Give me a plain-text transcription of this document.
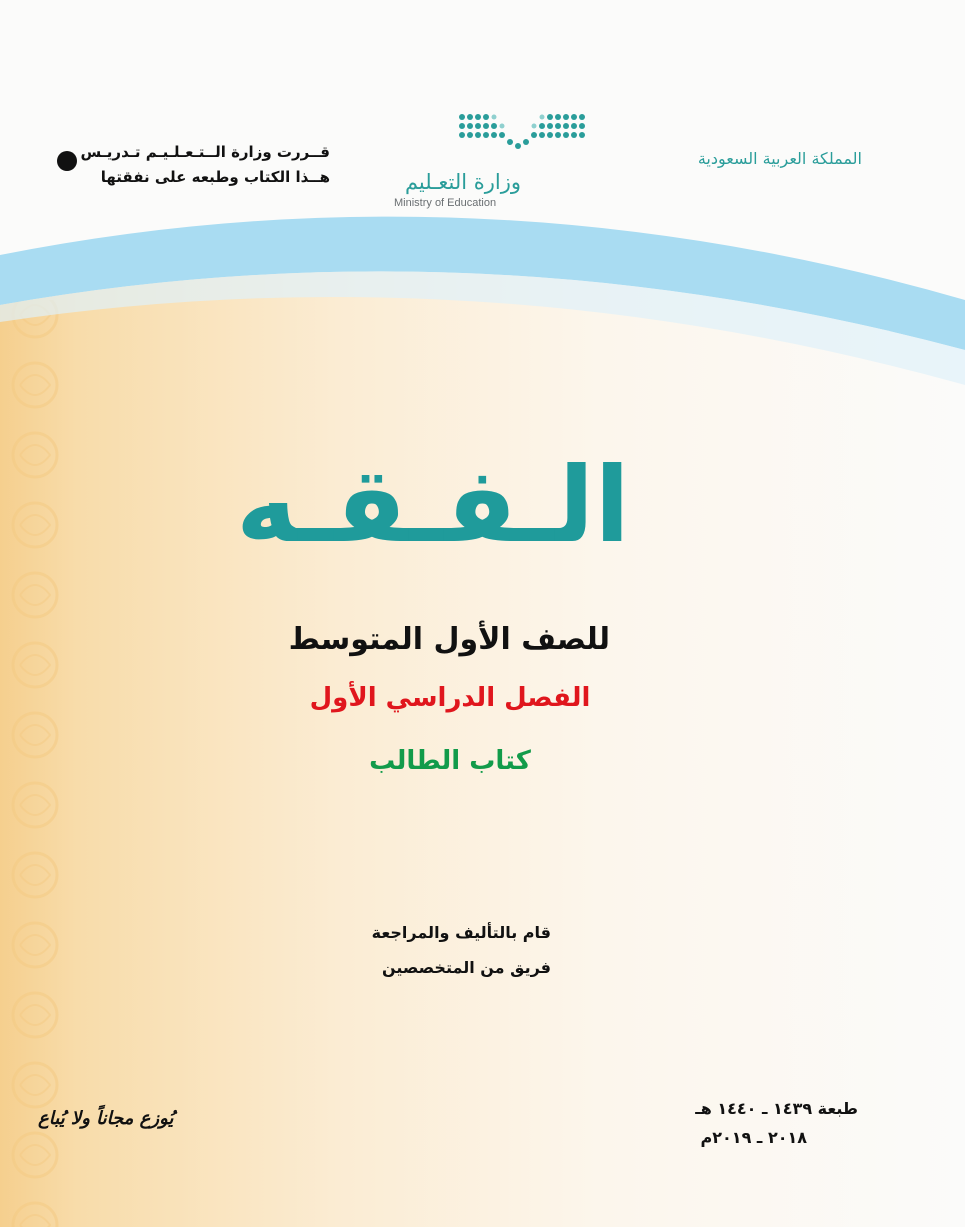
قــررت وزارة الــتـعـلـيـم تـدريـس
هــذا الكتاب وطبعه على نفقتها	وزارة التعـليم
Ministry of Education
المملكة العربية السعودية
الـفـقـه
للصف الأول المتوسط
الفصل الدراسي الأول
كتاب الطالب
قام بالتأليف والمراجعة
فريق من المتخصصين
يُوزع مجاناً ولا يُباع	طبعة ١٤٣٩ ـ ١٤٤٠ هـ
٢٠١٨ ـ ٢٠١٩م
